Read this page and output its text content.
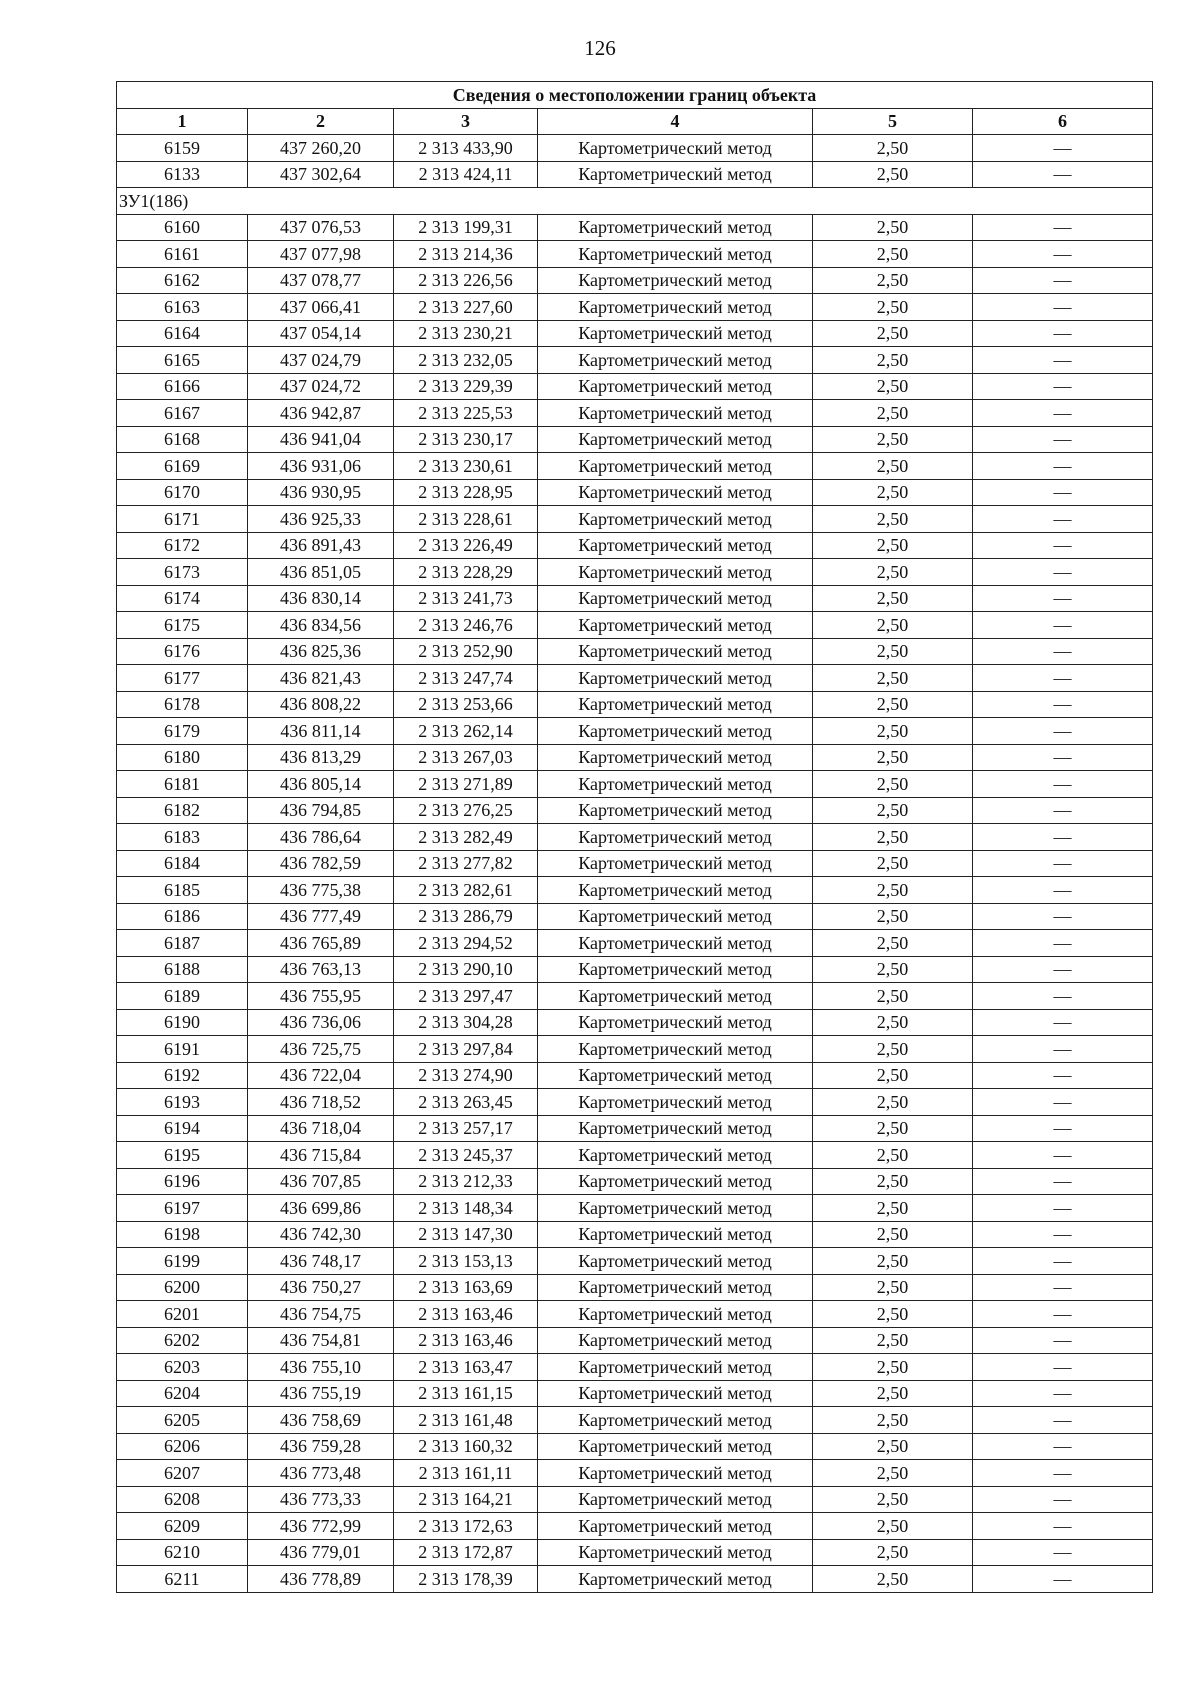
126
Сведения о местоположении границ объекта					
1	2	3	4	5	6
6159	437 260,20	2 313 433,90	Картометрический метод	2,50	—
6133	437 302,64	2 313 424,11	Картометрический метод	2,50	—
ЗУ1(186)					
6160	437 076,53	2 313 199,31	Картометрический метод	2,50	—
6161	437 077,98	2 313 214,36	Картометрический метод	2,50	—
6162	437 078,77	2 313 226,56	Картометрический метод	2,50	—
6163	437 066,41	2 313 227,60	Картометрический метод	2,50	—
6164	437 054,14	2 313 230,21	Картометрический метод	2,50	—
6165	437 024,79	2 313 232,05	Картометрический метод	2,50	—
6166	437 024,72	2 313 229,39	Картометрический метод	2,50	—
6167	436 942,87	2 313 225,53	Картометрический метод	2,50	—
6168	436 941,04	2 313 230,17	Картометрический метод	2,50	—
6169	436 931,06	2 313 230,61	Картометрический метод	2,50	—
6170	436 930,95	2 313 228,95	Картометрический метод	2,50	—
6171	436 925,33	2 313 228,61	Картометрический метод	2,50	—
6172	436 891,43	2 313 226,49	Картометрический метод	2,50	—
6173	436 851,05	2 313 228,29	Картометрический метод	2,50	—
6174	436 830,14	2 313 241,73	Картометрический метод	2,50	—
6175	436 834,56	2 313 246,76	Картометрический метод	2,50	—
6176	436 825,36	2 313 252,90	Картометрический метод	2,50	—
6177	436 821,43	2 313 247,74	Картометрический метод	2,50	—
6178	436 808,22	2 313 253,66	Картометрический метод	2,50	—
6179	436 811,14	2 313 262,14	Картометрический метод	2,50	—
6180	436 813,29	2 313 267,03	Картометрический метод	2,50	—
6181	436 805,14	2 313 271,89	Картометрический метод	2,50	—
6182	436 794,85	2 313 276,25	Картометрический метод	2,50	—
6183	436 786,64	2 313 282,49	Картометрический метод	2,50	—
6184	436 782,59	2 313 277,82	Картометрический метод	2,50	—
6185	436 775,38	2 313 282,61	Картометрический метод	2,50	—
6186	436 777,49	2 313 286,79	Картометрический метод	2,50	—
6187	436 765,89	2 313 294,52	Картометрический метод	2,50	—
6188	436 763,13	2 313 290,10	Картометрический метод	2,50	—
6189	436 755,95	2 313 297,47	Картометрический метод	2,50	—
6190	436 736,06	2 313 304,28	Картометрический метод	2,50	—
6191	436 725,75	2 313 297,84	Картометрический метод	2,50	—
6192	436 722,04	2 313 274,90	Картометрический метод	2,50	—
6193	436 718,52	2 313 263,45	Картометрический метод	2,50	—
6194	436 718,04	2 313 257,17	Картометрический метод	2,50	—
6195	436 715,84	2 313 245,37	Картометрический метод	2,50	—
6196	436 707,85	2 313 212,33	Картометрический метод	2,50	—
6197	436 699,86	2 313 148,34	Картометрический метод	2,50	—
6198	436 742,30	2 313 147,30	Картометрический метод	2,50	—
6199	436 748,17	2 313 153,13	Картометрический метод	2,50	—
6200	436 750,27	2 313 163,69	Картометрический метод	2,50	—
6201	436 754,75	2 313 163,46	Картометрический метод	2,50	—
6202	436 754,81	2 313 163,46	Картометрический метод	2,50	—
6203	436 755,10	2 313 163,47	Картометрический метод	2,50	—
6204	436 755,19	2 313 161,15	Картометрический метод	2,50	—
6205	436 758,69	2 313 161,48	Картометрический метод	2,50	—
6206	436 759,28	2 313 160,32	Картометрический метод	2,50	—
6207	436 773,48	2 313 161,11	Картометрический метод	2,50	—
6208	436 773,33	2 313 164,21	Картометрический метод	2,50	—
6209	436 772,99	2 313 172,63	Картометрический метод	2,50	—
6210	436 779,01	2 313 172,87	Картометрический метод	2,50	—
6211	436 778,89	2 313 178,39	Картометрический метод	2,50	—
